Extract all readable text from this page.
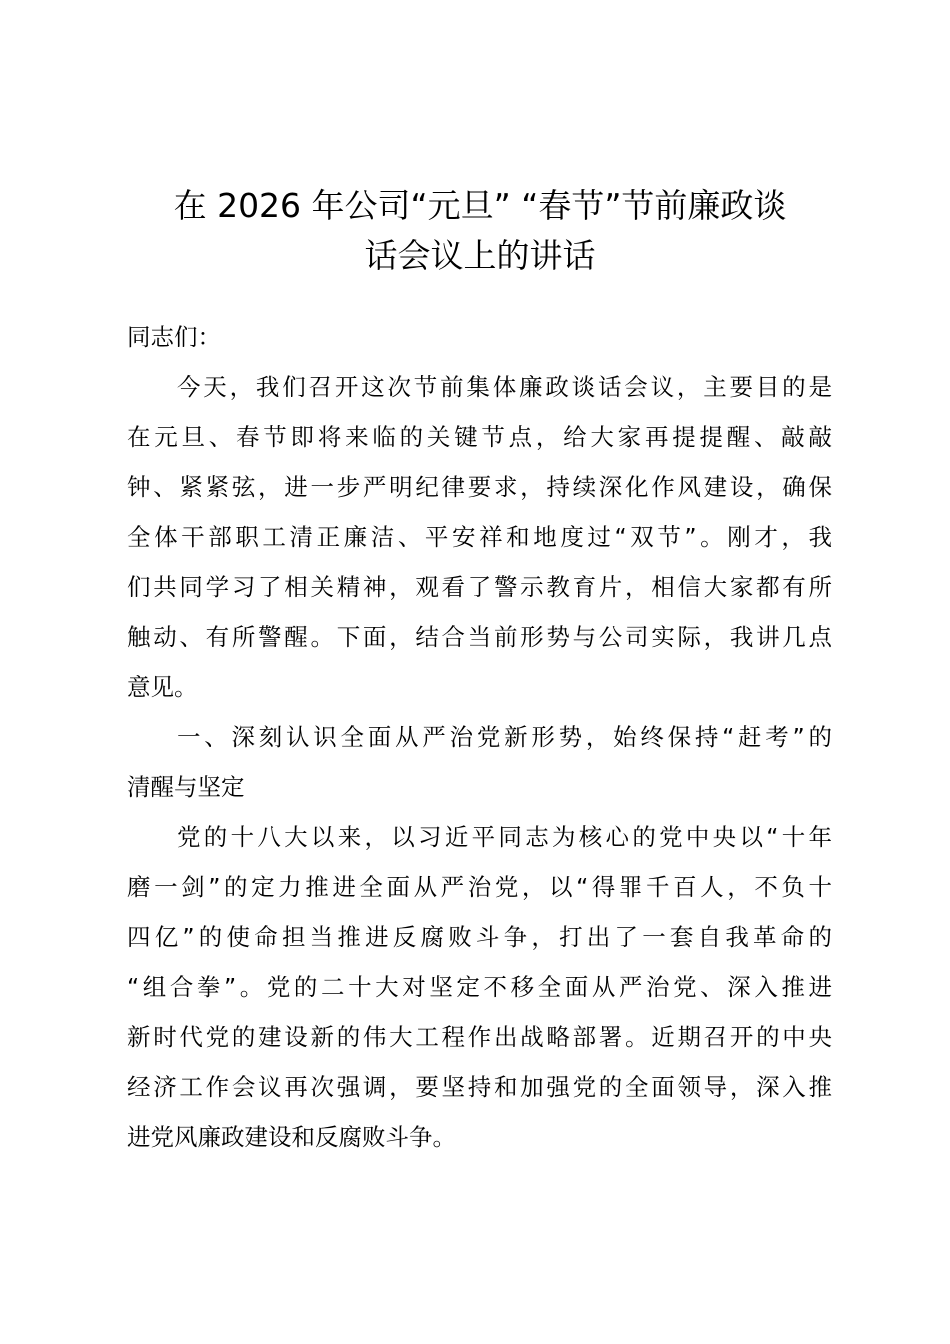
在 2026 年公司“元旦” “春节”节前廉政谈
话会议上的讲话
同志们：
今天，我们召开这次节前集体廉政谈话会议，主要目的是
在元旦、春节即将来临的关键节点，给大家再提提醒、敲敲
钟、紧紧弦，进一步严明纪律要求，持续深化作风建设，确保
全体干部职工清正廉洁、平安祥和地度过“双节”。刚才，我
们共同学习了相关精神，观看了警示教育片，相信大家都有所
触动、有所警醒。下面，结合当前形势与公司实际，我讲几点
意见。
一、深刻认识全面从严治党新形势，始终保持“赶考”的
清醒与坚定
党的十八大以来，以习近平同志为核心的党中央以“十年
磨一剑”的定力推进全面从严治党，以“得罪千百人，不负十
四亿”的使命担当推进反腐败斗争，打出了一套自我革命的
“组合拳”。党的二十大对坚定不移全面从严治党、深入推进
新时代党的建设新的伟大工程作出战略部署。近期召开的中央
经济工作会议再次强调，要坚持和加强党的全面领导，深入推
进党风廉政建设和反腐败斗争。
